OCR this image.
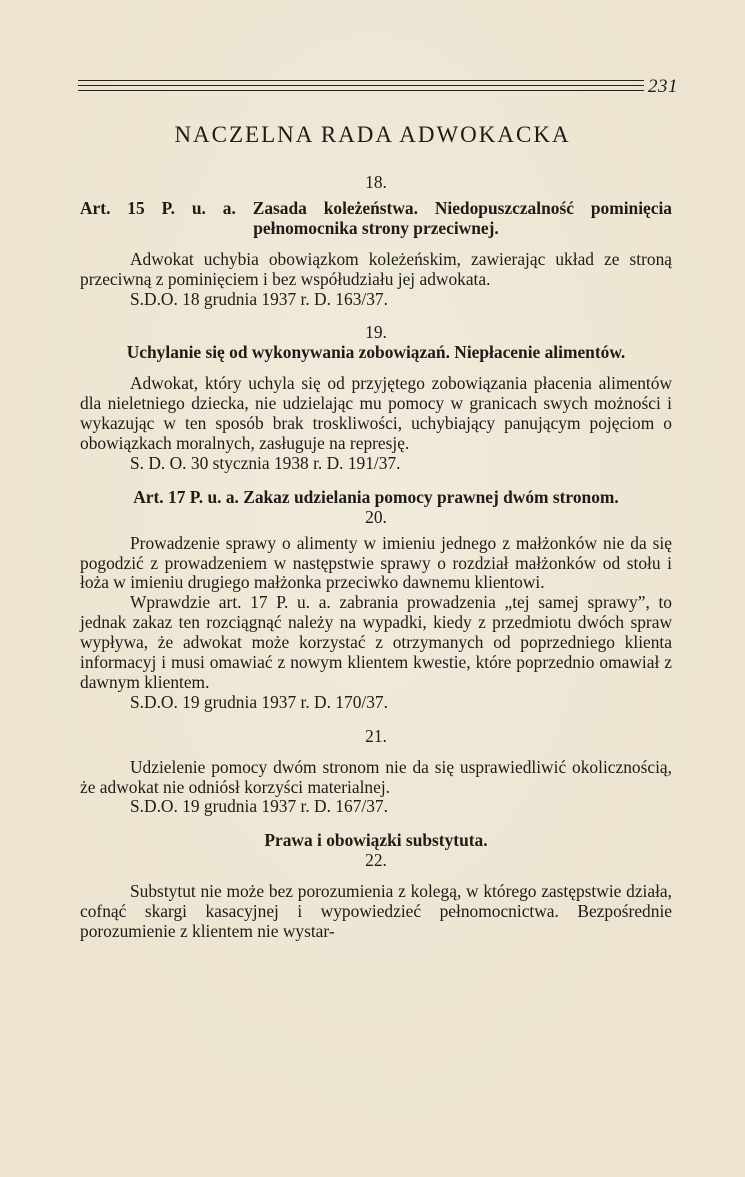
231
NACZELNA RADA ADWOKACKA
18.
Art. 15 P. u. a. Zasada koleżeństwa. Niedopuszczalność pominięcia pełnomocnika strony przeciwnej.

Adwokat uchybia obowiązkom koleżeńskim, zawierając układ ze stroną przeciwną z pominięciem i bez współudziału jej adwokata.

S.D.O. 18 grudnia 1937 r. D. 163/37.

19.
Uchylanie się od wykonywania zobowiązań. Niepłacenie alimentów.

Adwokat, który uchyla się od przyjętego zobowiązania płacenia alimentów dla nieletniego dziecka, nie udzielając mu pomocy w granicach swych możności i wykazując w ten sposób brak troskliwości, uchybiający panującym pojęciom o obowiązkach moralnych, zasługuje na represję.

S. D. O. 30 stycznia 1938 r. D. 191/37.

Art. 17 P. u. a. Zakaz udzielania pomocy prawnej dwóm stronom.
20.

Prowadzenie sprawy o alimenty w imieniu jednego z małżonków nie da się pogodzić z prowadzeniem w następstwie sprawy o rozdział małżonków od stołu i łoża w imieniu drugiego małżonka przeciwko dawnemu klientowi.

Wprawdzie art. 17 P. u. a. zabrania prowadzenia „tej samej sprawy”, to jednak zakaz ten rozciągnąć należy na wypadki, kiedy z przedmiotu dwóch spraw wypływa, że adwokat może korzystać z otrzymanych od poprzedniego klienta informacyj i musi omawiać z nowym klientem kwestie, które poprzednio omawiał z dawnym klientem.

S.D.O. 19 grudnia 1937 r. D. 170/37.

21.

Udzielenie pomocy dwóm stronom nie da się usprawiedliwić okolicznością, że adwokat nie odniósł korzyści materialnej.

S.D.O. 19 grudnia 1937 r. D. 167/37.

Prawa i obowiązki substytuta.
22.

Substytut nie może bez porozumienia z kolegą, w którego zastępstwie działa, cofnąć skargi kasacyjnej i wypowiedzieć pełnomocnictwa. Bezpośrednie porozumienie z klientem nie wystar-
